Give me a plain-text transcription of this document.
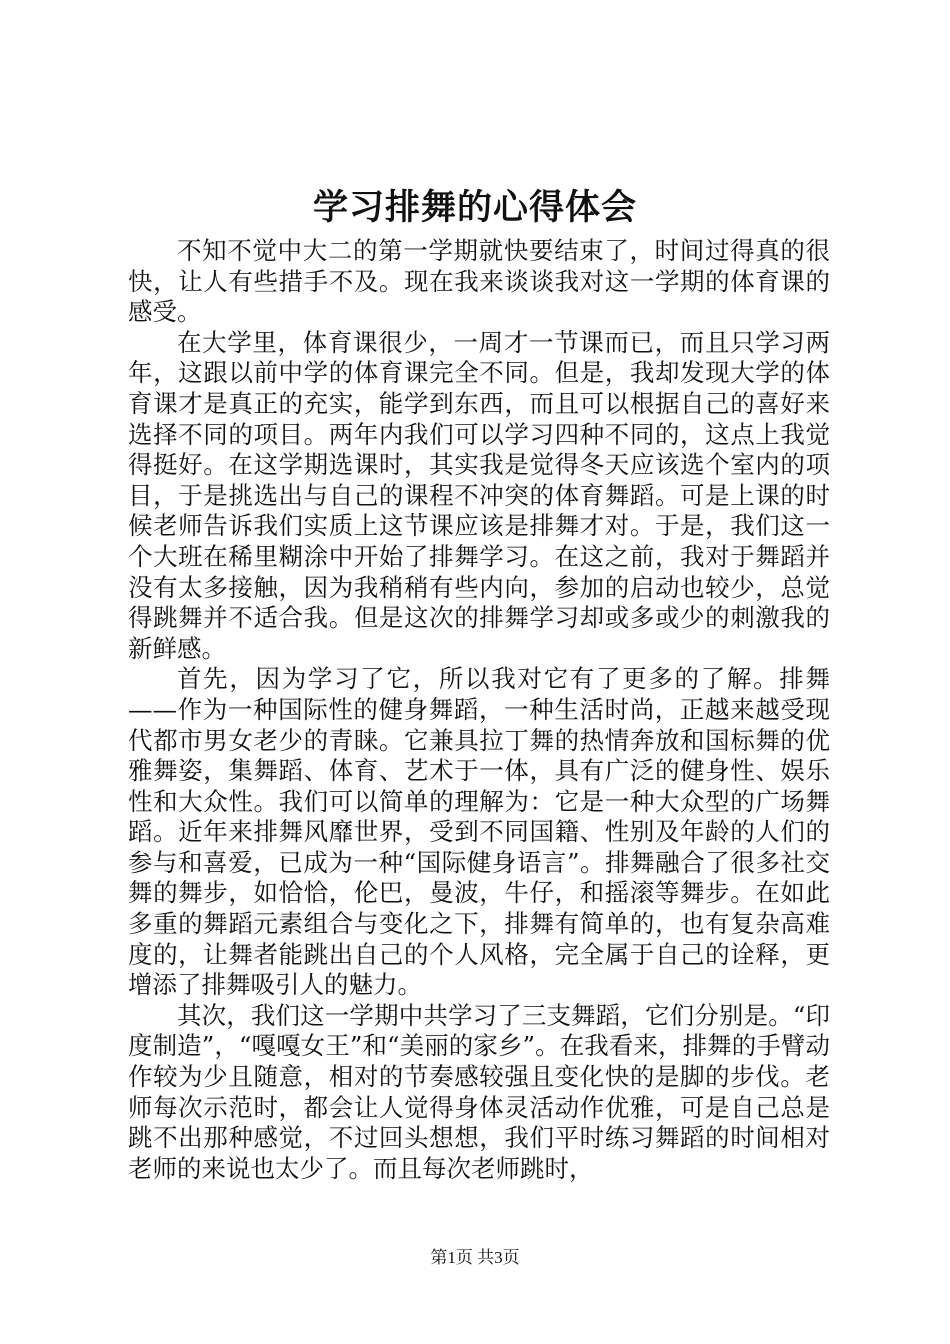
学习排舞的心得体会

不知不觉中大二的第一学期就快要结束了，时间过得真的很快，让人有些措手不及。现在我来谈谈我对这一学期的体育课的感受。

在大学里，体育课很少，一周才一节课而已，而且只学习两年，这跟以前中学的体育课完全不同。但是，我却发现大学的体育课才是真正的充实，能学到东西，而且可以根据自己的喜好来选择不同的项目。两年内我们可以学习四种不同的，这点上我觉得挺好。在这学期选课时，其实我是觉得冬天应该选个室内的项目，于是挑选出与自己的课程不冲突的体育舞蹈。可是上课的时候老师告诉我们实质上这节课应该是排舞才对。于是，我们这一个大班在稀里糊涂中开始了排舞学习。在这之前，我对于舞蹈并没有太多接触，因为我稍稍有些内向，参加的启动也较少，总觉得跳舞并不适合我。但是这次的排舞学习却或多或少的刺激我的新鲜感。

首先，因为学习了它，所以我对它有了更多的了解。排舞——作为一种国际性的健身舞蹈，一种生活时尚，正越来越受现代都市男女老少的青睐。它兼具拉丁舞的热情奔放和国标舞的优雅舞姿，集舞蹈、体育、艺术于一体，具有广泛的健身性、娱乐性和大众性。我们可以简单的理解为：它是一种大众型的广场舞蹈。近年来排舞风靡世界，受到不同国籍、性别及年龄的人们的参与和喜爱，已成为一种“国际健身语言”。排舞融合了很多社交舞的舞步，如恰恰，伦巴，曼波，牛仔，和摇滚等舞步。在如此多重的舞蹈元素组合与变化之下，排舞有简单的，也有复杂高难度的，让舞者能跳出自己的个人风格，完全属于自己的诠释，更增添了排舞吸引人的魅力。

其次，我们这一学期中共学习了三支舞蹈，它们分别是。“印度制造”，“嘎嘎女王”和“美丽的家乡”。在我看来，排舞的手臂动作较为少且随意，相对的节奏感较强且变化快的是脚的步伐。老师每次示范时，都会让人觉得身体灵活动作优雅，可是自己总是跳不出那种感觉，不过回头想想，我们平时练习舞蹈的时间相对老师的来说也太少了。而且每次老师跳时，

第1页 共3页
